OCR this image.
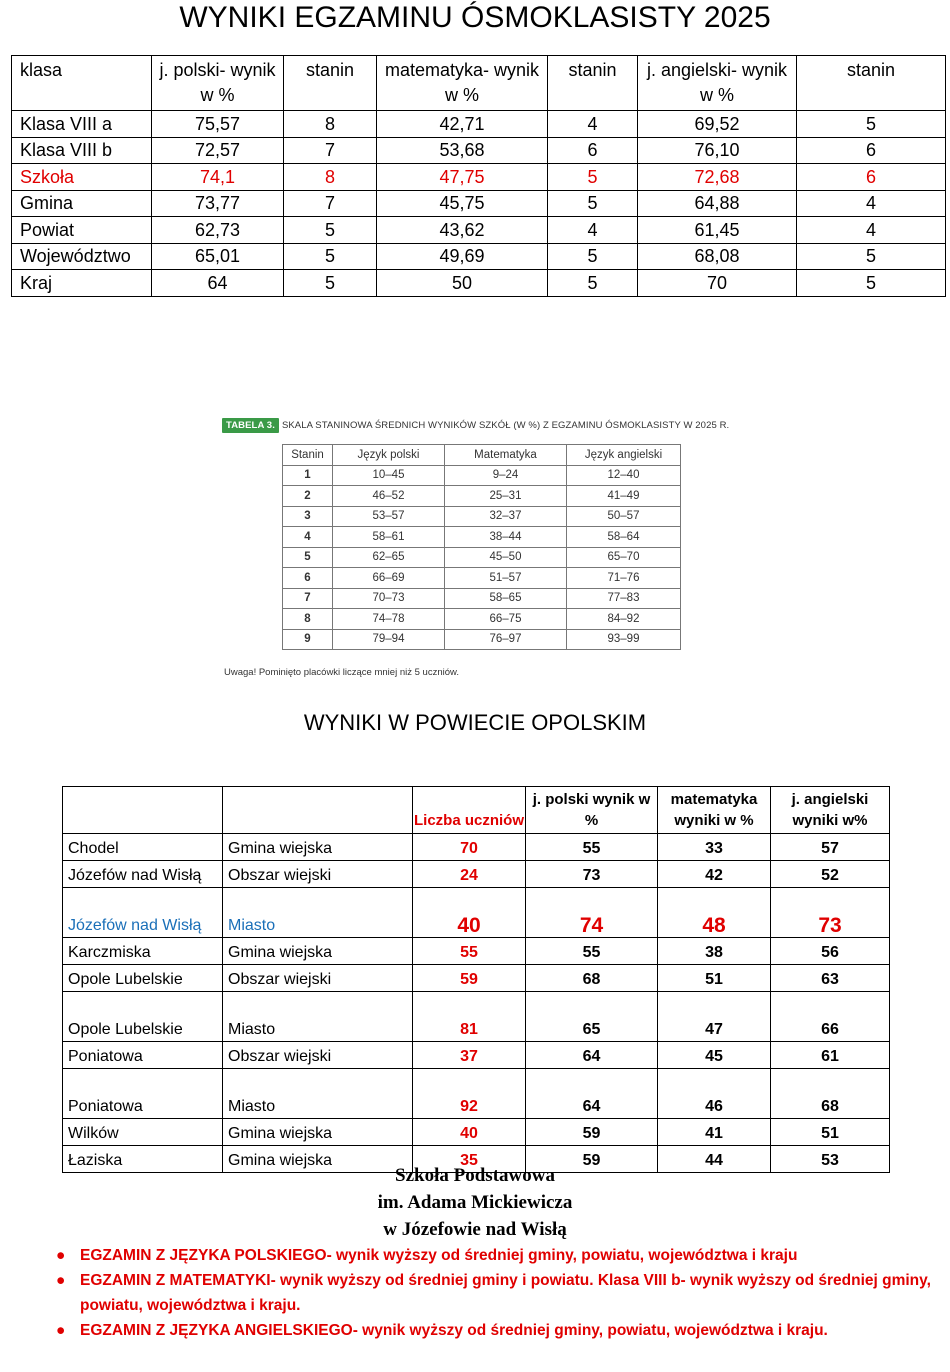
WYNIKI EGZAMINU ÓSMOKLASISTY 2025
klasa	j. polski- wynik w %	stanin	matematyka- wynik w %	stanin	j. angielski- wynik w %	stanin
Klasa VIII a	75,57	8	42,71	4	69,52	5
Klasa VIII b	72,57	7	53,68	6	76,10	6
Szkoła	74,1	8	47,75	5	72,68	6
Gmina	73,77	7	45,75	5	64,88	4
Powiat	62,73	5	43,62	4	61,45	4
Województwo	65,01	5	49,69	5	68,08	5
Kraj	64	5	50	5	70	5
TABELA 3. SKALA STANINOWA ŚREDNICH WYNIKÓW SZKÓŁ (W %) Z EGZAMINU ÓSMOKLASISTY W 2025 R.
Stanin	Język polski	Matematyka	Język angielski
1	10–45	9–24	12–40
2	46–52	25–31	41–49
3	53–57	32–37	50–57
4	58–61	38–44	58–64
5	62–65	45–50	65–70
6	66–69	51–57	71–76
7	70–73	58–65	77–83
8	74–78	66–75	84–92
9	79–94	76–97	93–99
Uwaga! Pominięto placówki liczące mniej niż 5 uczniów.
WYNIKI W POWIECIE OPOLSKIM
		Liczba uczniów	j. polski wynik w %	matematyka wyniki w %	j. angielski wyniki w%
Chodel	Gmina wiejska	70	55	33	57
Józefów nad Wisłą	Obszar wiejski	24	73	42	52
Józefów nad Wisłą	Miasto	40	74	48	73
Karczmiska	Gmina wiejska	55	55	38	56
Opole Lubelskie	Obszar wiejski	59	68	51	63
Opole Lubelskie	Miasto	81	65	47	66
Poniatowa	Obszar wiejski	37	64	45	61
Poniatowa	Miasto	92	64	46	68
Wilków	Gmina wiejska	40	59	41	51
Łaziska	Gmina wiejska	35	59	44	53
Szkoła Podstawowa
im. Adama Mickiewicza
w Józefowie nad Wisłą
● EGZAMIN Z JĘZYKA POLSKIEGO- wynik wyższy od średniej gminy, powiatu, województwa i kraju
● EGZAMIN Z MATEMATYKI- wynik wyższy od średniej gminy i powiatu. Klasa VIII b- wynik wyższy od średniej gminy, powiatu, województwa i kraju.
● EGZAMIN Z JĘZYKA ANGIELSKIEGO- wynik wyższy od średniej gminy, powiatu, województwa i kraju.
